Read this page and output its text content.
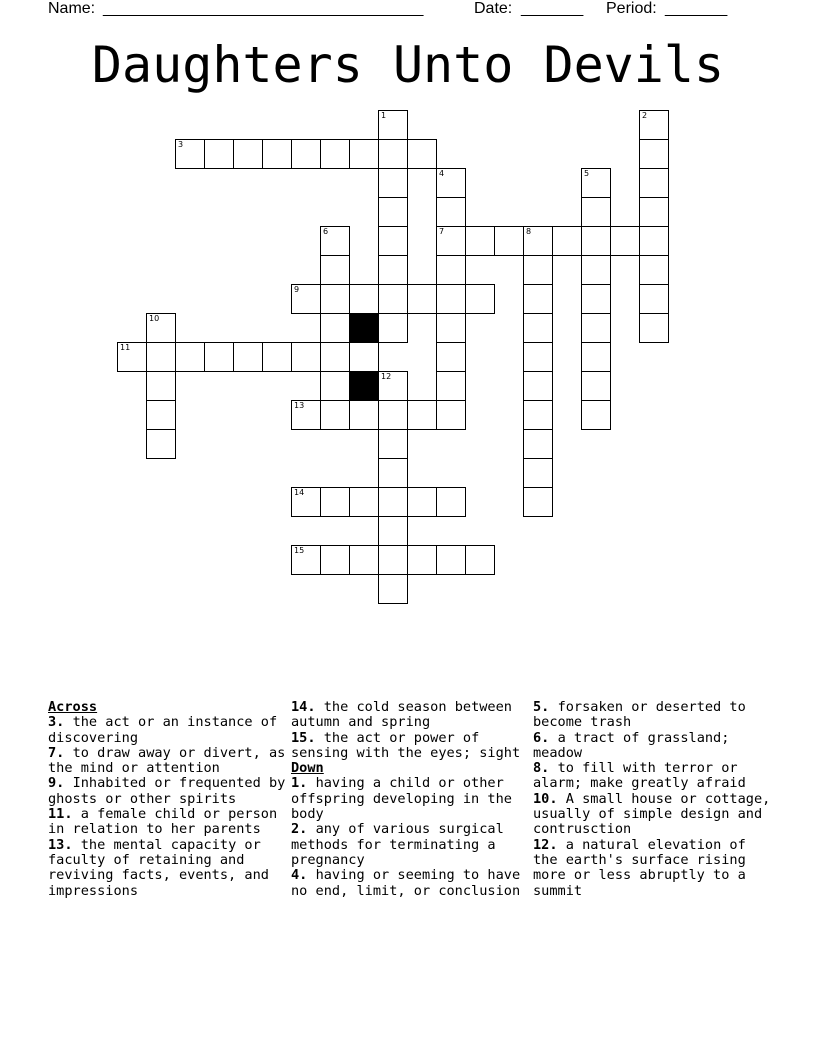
Name: ____________________________________	Date: _______ Period: _______
Daughters Unto Devils
1	2
3
4	5
6	7	8
9
10
11
12
13
14
15
Across
3. the act or an instance of discovering
7. to draw away or divert, as the mind or attention
9. Inhabited or frequented by ghosts or other spirits
11. a female child or person in relation to her parents
13. the mental capacity or faculty of retaining and reviving facts, events, and impressions
14. the cold season between autumn and spring
15. the act or power of sensing with the eyes; sight
Down
1. having a child or other offspring developing in the body
2. any of various surgical methods for terminating a pregnancy
4. having or seeming to have no end, limit, or conclusion
5. forsaken or deserted to become trash
6. a tract of grassland; meadow
8. to fill with terror or alarm; make greatly afraid
10. A small house or cottage, usually of simple design and contrusction
12. a natural elevation of the earth's surface rising more or less abruptly to a summit
